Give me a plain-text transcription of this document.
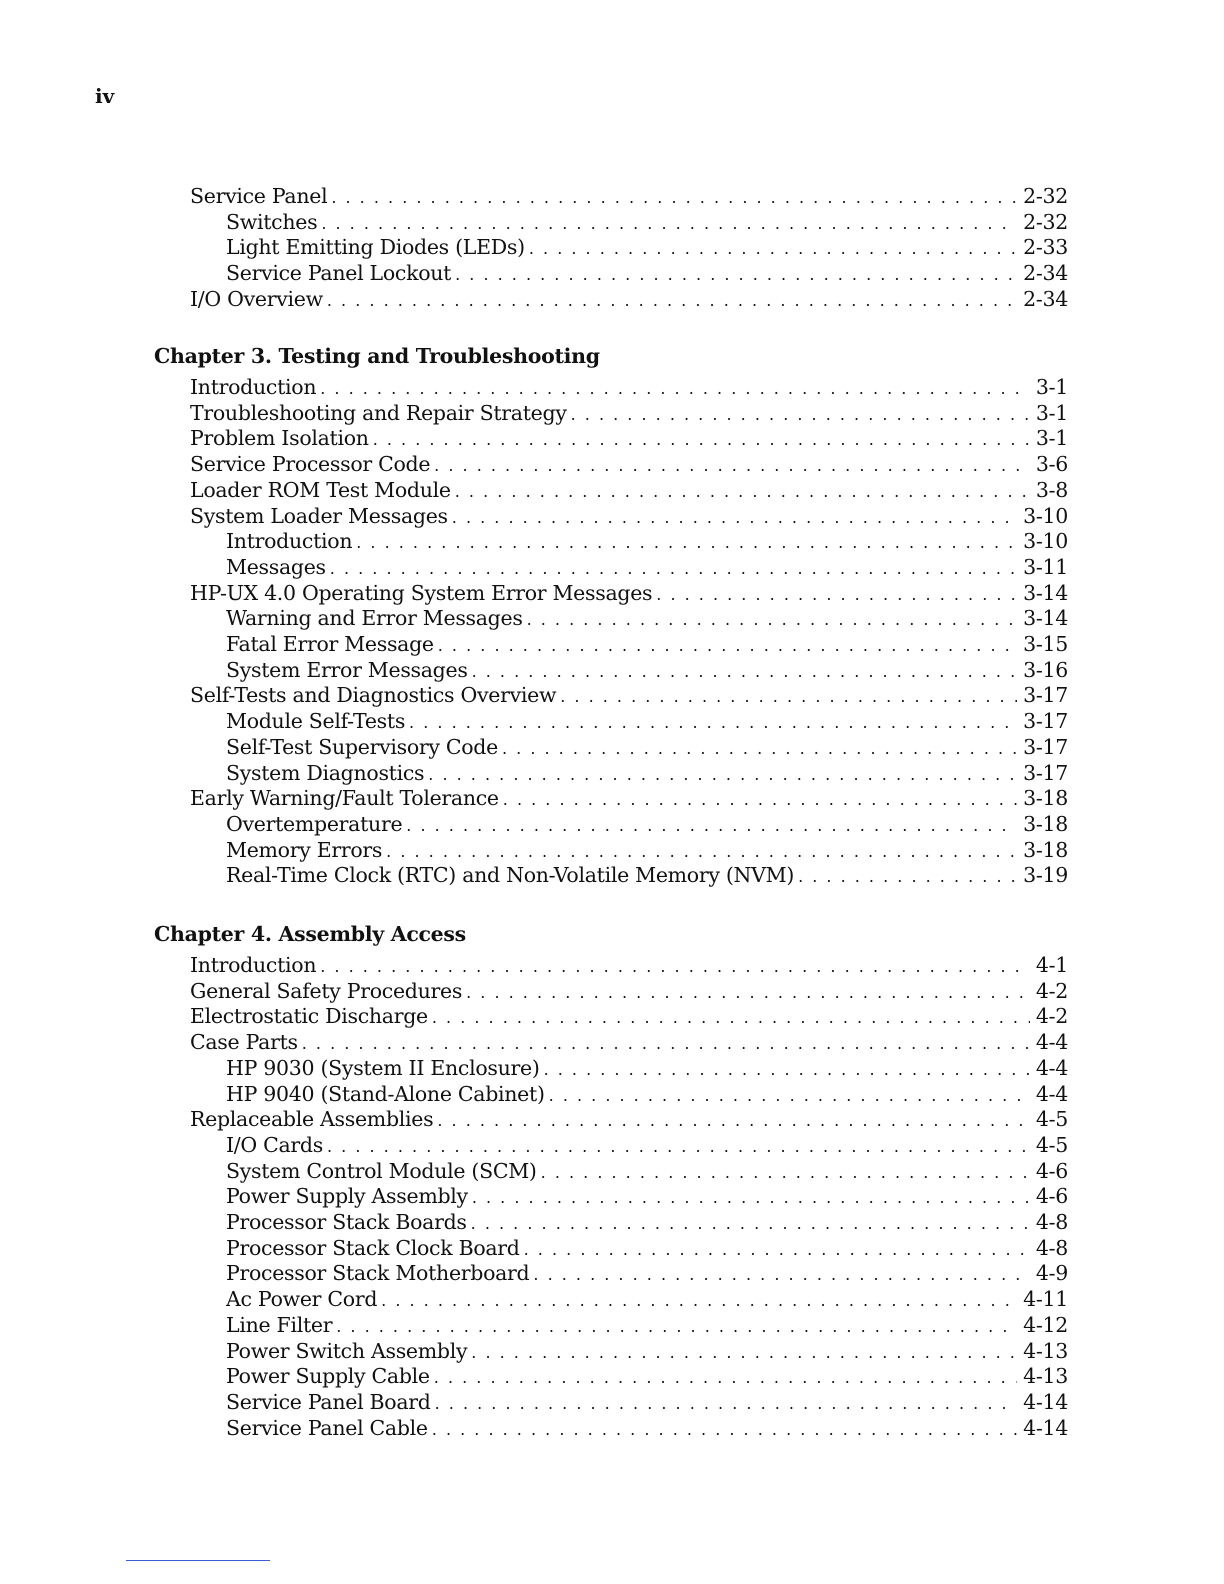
iv
Service Panel . . .	2-32
Switches . . .	2-32
Light Emitting Diodes (LEDs) . . .	2-33
Service Panel Lockout . . .	2-34
I/O Overview . . .	2-34
Chapter 3. Testing and Troubleshooting
Introduction . . .	3-1
Troubleshooting and Repair Strategy . . .	3-1
Problem Isolation . . .	3-1
Service Processor Code . . .	3-6
Loader ROM Test Module . . .	3-8
System Loader Messages . . .	3-10
Introduction . . .	3-10
Messages . . .	3-11
HP-UX 4.0 Operating System Error Messages . . .	3-14
Warning and Error Messages . . .	3-14
Fatal Error Message . . .	3-15
System Error Messages . . .	3-16
Self-Tests and Diagnostics Overview . . .	3-17
Module Self-Tests . . .	3-17
Self-Test Supervisory Code . . .	3-17
System Diagnostics . . .	3-17
Early Warning/Fault Tolerance . . .	3-18
Overtemperature . . .	3-18
Memory Errors . . .	3-18
Real-Time Clock (RTC) and Non-Volatile Memory (NVM) . . .	3-19
Chapter 4. Assembly Access
Introduction . . .	4-1
General Safety Procedures . . .	4-2
Electrostatic Discharge . . .	4-2
Case Parts . . .	4-4
HP 9030 (System II Enclosure) . . .	4-4
HP 9040 (Stand-Alone Cabinet) . . .	4-4
Replaceable Assemblies . . .	4-5
I/O Cards . . .	4-5
System Control Module (SCM) . . .	4-6
Power Supply Assembly . . .	4-6
Processor Stack Boards . . .	4-8
Processor Stack Clock Board . . .	4-8
Processor Stack Motherboard . . .	4-9
Ac Power Cord . . .	4-11
Line Filter . . .	4-12
Power Switch Assembly . . .	4-13
Power Supply Cable . . .	4-13
Service Panel Board . . .	4-14
Service Panel Cable . . .	4-14
